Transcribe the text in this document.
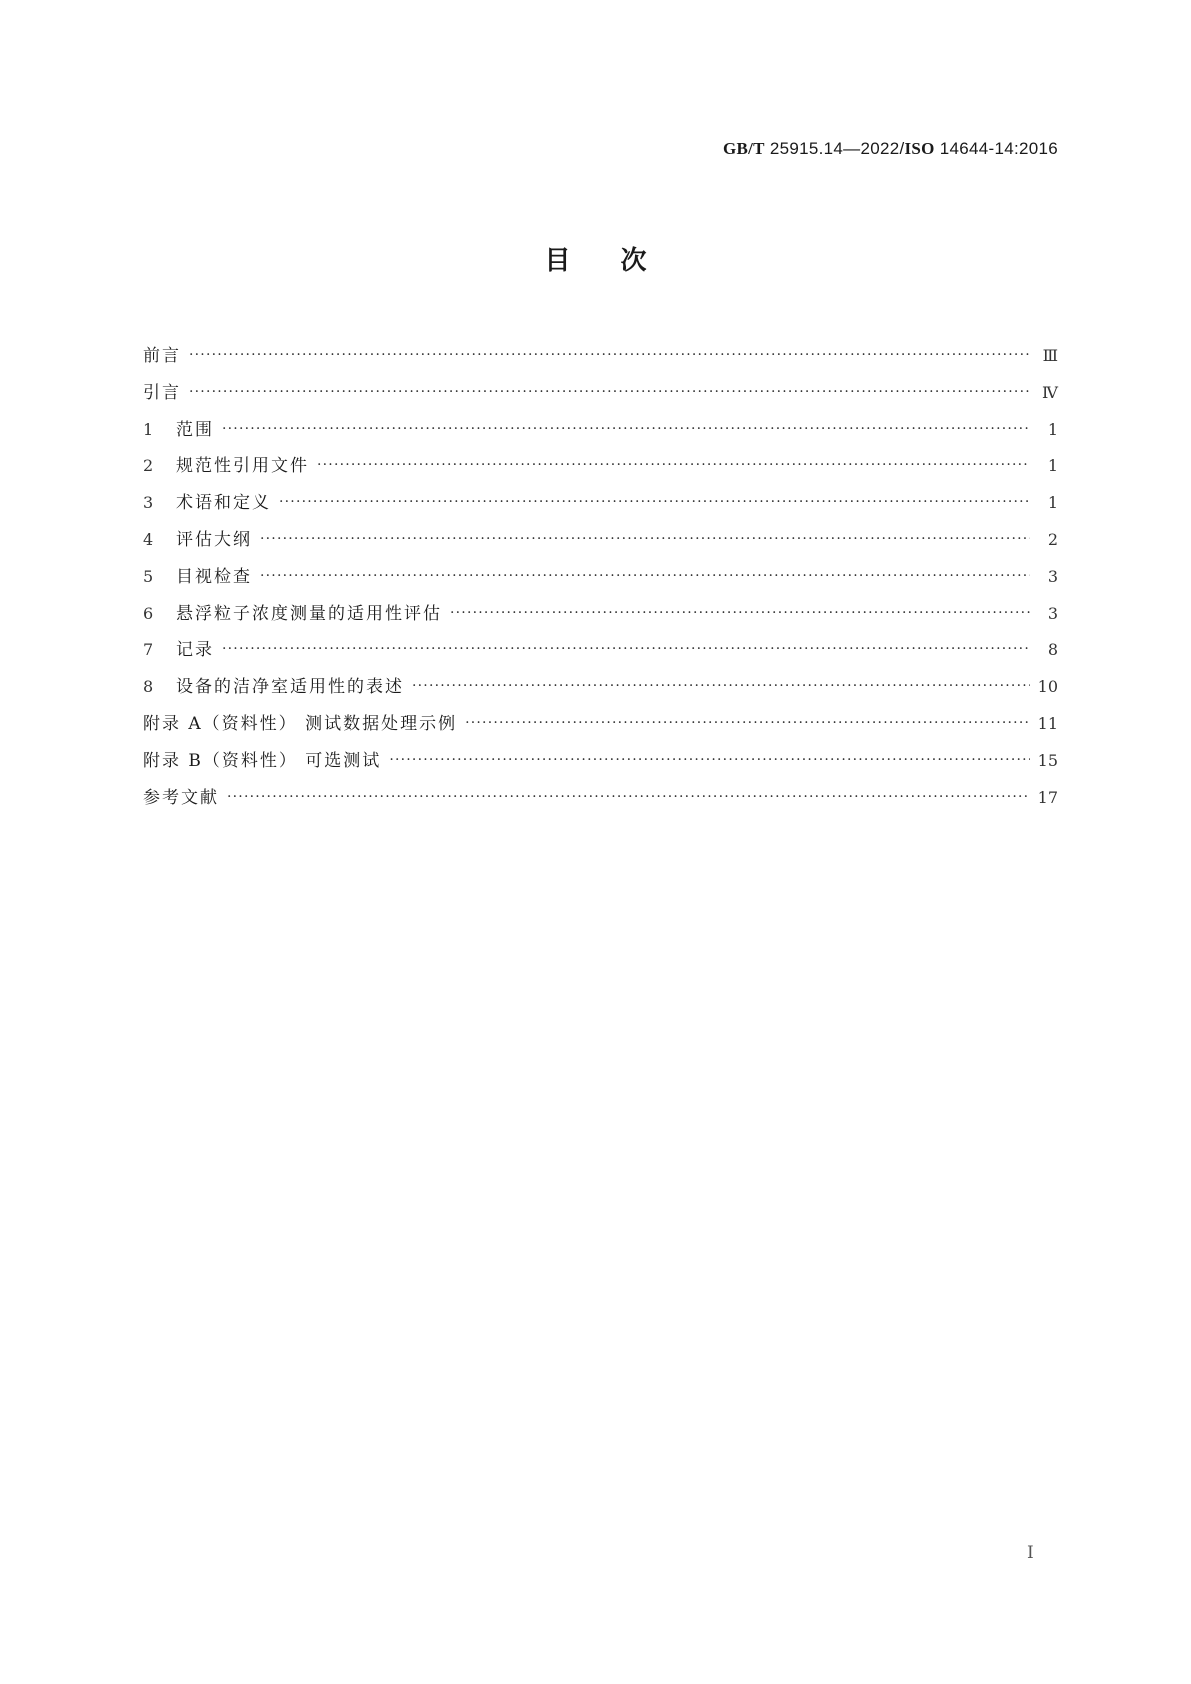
GB/T 25915.14—2022/ISO 14644-14:2016
目次
前言 ·····	Ⅲ
引言 ·····	Ⅳ
1	范围 ·····	1
2	规范性引用文件 ·····	1
3	术语和定义 ·····	1
4	评估大纲 ·····	2
5	目视检查 ·····	3
6	悬浮粒子浓度测量的适用性评估 ·····	3
7	记录 ·····	8
8	设备的洁净室适用性的表述 ·····	10
附录 A（资料性） 测试数据处理示例 ·····	11
附录 B（资料性） 可选测试 ·····	15
参考文献 ·····	17
Ⅰ
